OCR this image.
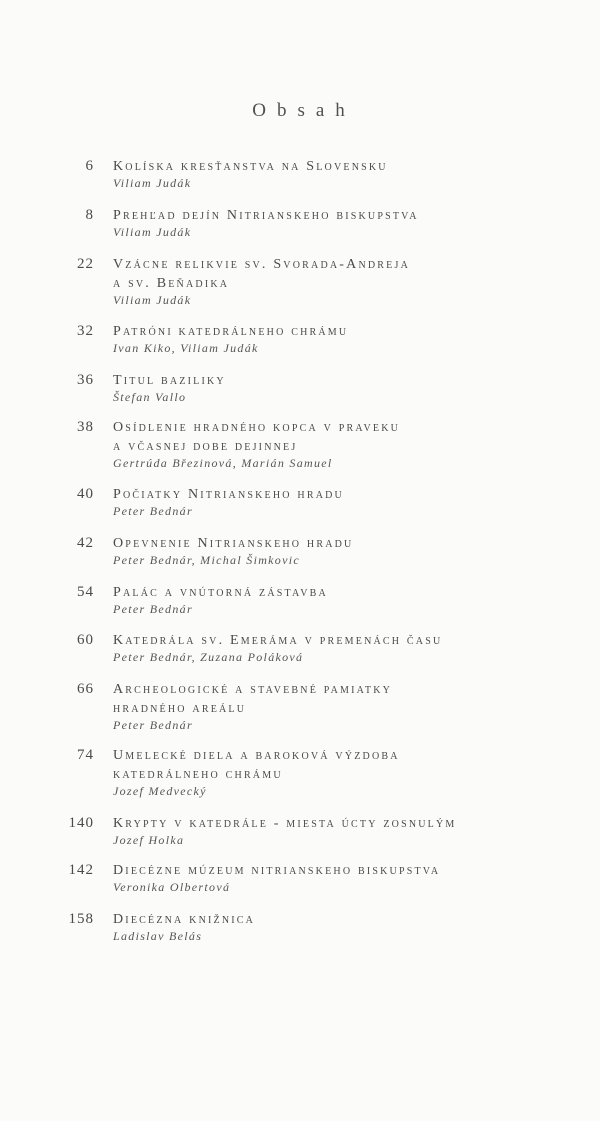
Obsah
6 Kolíska kresťanstva na Slovensku
Viliam Judák
8 Prehľad dejín Nitrianskeho biskupstva
Viliam Judák
22 Vzácne relikvie sv. Svorada-Andreja
a sv. Beňadika
Viliam Judák
32 Patróni katedrálneho chrámu
Ivan Kiko, Viliam Judák
36 Titul baziliky
Štefan Vallo
38 Osídlenie hradného kopca v praveku
a včasnej dobe dejinnej
Gertrúda Březinová, Marián Samuel
40 Počiatky Nitrianskeho hradu
Peter Bednár
42 Opevnenie Nitrianskeho hradu
Peter Bednár, Michal Šimkovic
54 Palác a vnútorná zástavba
Peter Bednár
60 Katedrála sv. Emeráma v premenách času
Peter Bednár, Zuzana Poláková
66 Archeologické a stavebné pamiatky
hradného areálu
Peter Bednár
74 Umelecké diela a baroková výzdoba
katedrálneho chrámu
Jozef Medvecký
140 Krypty v katedrále - miesta úcty zosnulým
Jozef Holka
142 Diecézne múzeum nitrianskeho biskupstva
Veronika Olbertová
158 Diecézna knižnica
Ladislav Belás
